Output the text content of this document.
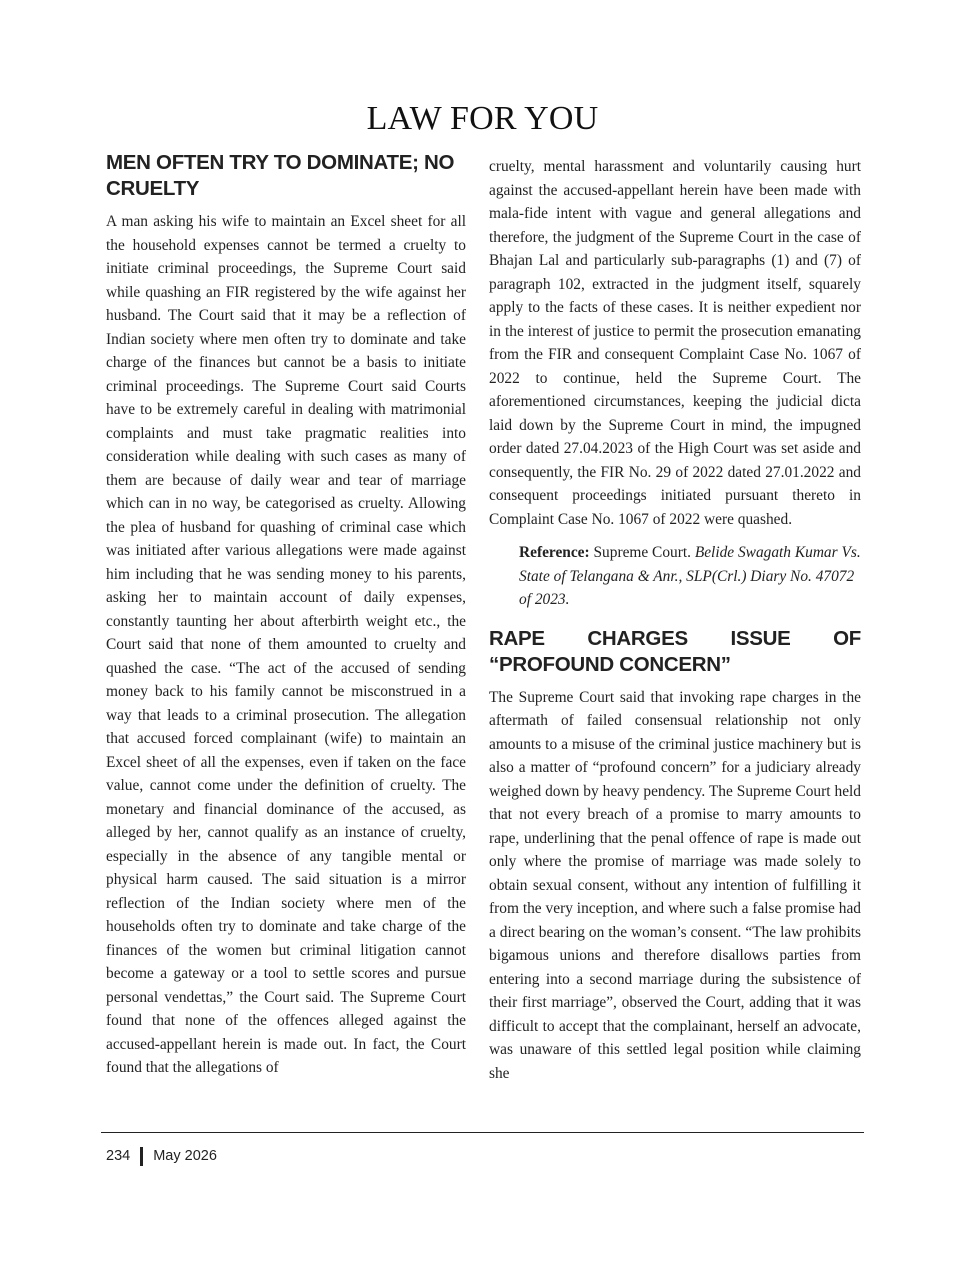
LAW FOR YOU
MEN OFTEN TRY TO DOMINATE; NO CRUELTY

A man asking his wife to maintain an Excel sheet for all the household expenses cannot be termed a cruelty to initiate criminal proceedings, the Supreme Court said while quashing an FIR registered by the wife against her husband. The Court said that it may be a reflection of Indian society where men often try to dominate and take charge of the finances but cannot be a basis to initiate criminal proceedings. The Supreme Court said Courts have to be extremely careful in dealing with matrimonial complaints and must take pragmatic realities into consideration while dealing with such cases as many of them are because of daily wear and tear of marriage which can in no way, be categorised as cruelty. Allowing the plea of husband for quashing of criminal case which was initiated after various allegations were made against him including that he was sending money to his parents, asking her to maintain account of daily expenses, constantly taunting her about afterbirth weight etc., the Court said that none of them amounted to cruelty and quashed the case. “The act of the accused of sending money back to his family cannot be misconstrued in a way that leads to a criminal prosecution. The allegation that accused forced complainant (wife) to maintain an Excel sheet of all the expenses, even if taken on the face value, cannot come under the definition of cruelty. The monetary and financial dominance of the accused, as alleged by her, cannot qualify as an instance of cruelty, especially in the absence of any tangible mental or physical harm caused. The said situation is a mirror reflection of the Indian society where men of the households often try to dominate and take charge of the finances of the women but criminal litigation cannot become a gateway or a tool to settle scores and pursue personal vendettas,” the Court said. The Supreme Court found that none of the offences alleged against the accused-appellant herein is made out. In fact, the Court found that the allegations of

cruelty, mental harassment and voluntarily causing hurt against the accused-appellant herein have been made with mala-fide intent with vague and general allegations and therefore, the judgment of the Supreme Court in the case of Bhajan Lal and particularly sub-paragraphs (1) and (7) of paragraph 102, extracted in the judgment itself, squarely apply to the facts of these cases. It is neither expedient nor in the interest of justice to permit the prosecution emanating from the FIR and consequent Complaint Case No. 1067 of 2022 to continue, held the Supreme Court. The aforementioned circumstances, keeping the judicial dicta laid down by the Supreme Court in mind, the impugned order dated 27.04.2023 of the High Court was set aside and consequently, the FIR No. 29 of 2022 dated 27.01.2022 and consequent proceedings initiated pursuant thereto in Complaint Case No. 1067 of 2022 were quashed.

Reference: Supreme Court. Belide Swagath Kumar Vs. State of Telangana & Anr., SLP(Crl.) Diary No. 47072 of 2023.
RAPE CHARGES ISSUE OF “PROFOUND CONCERN”

The Supreme Court said that invoking rape charges in the aftermath of failed consensual relationship not only amounts to a misuse of the criminal justice machinery but is also a matter of “profound concern” for a judiciary already weighed down by heavy pendency. The Supreme Court held that not every breach of a promise to marry amounts to rape, underlining that the penal offence of rape is made out only where the promise of marriage was made solely to obtain sexual consent, without any intention of fulfilling it from the very inception, and where such a false promise had a direct bearing on the woman’s consent. “The law prohibits bigamous unions and therefore disallows parties from entering into a second marriage during the subsistence of their first marriage”, observed the Court, adding that it was difficult to accept that the complainant, herself an advocate, was unaware of this settled legal position while claiming she

234 May 2026
